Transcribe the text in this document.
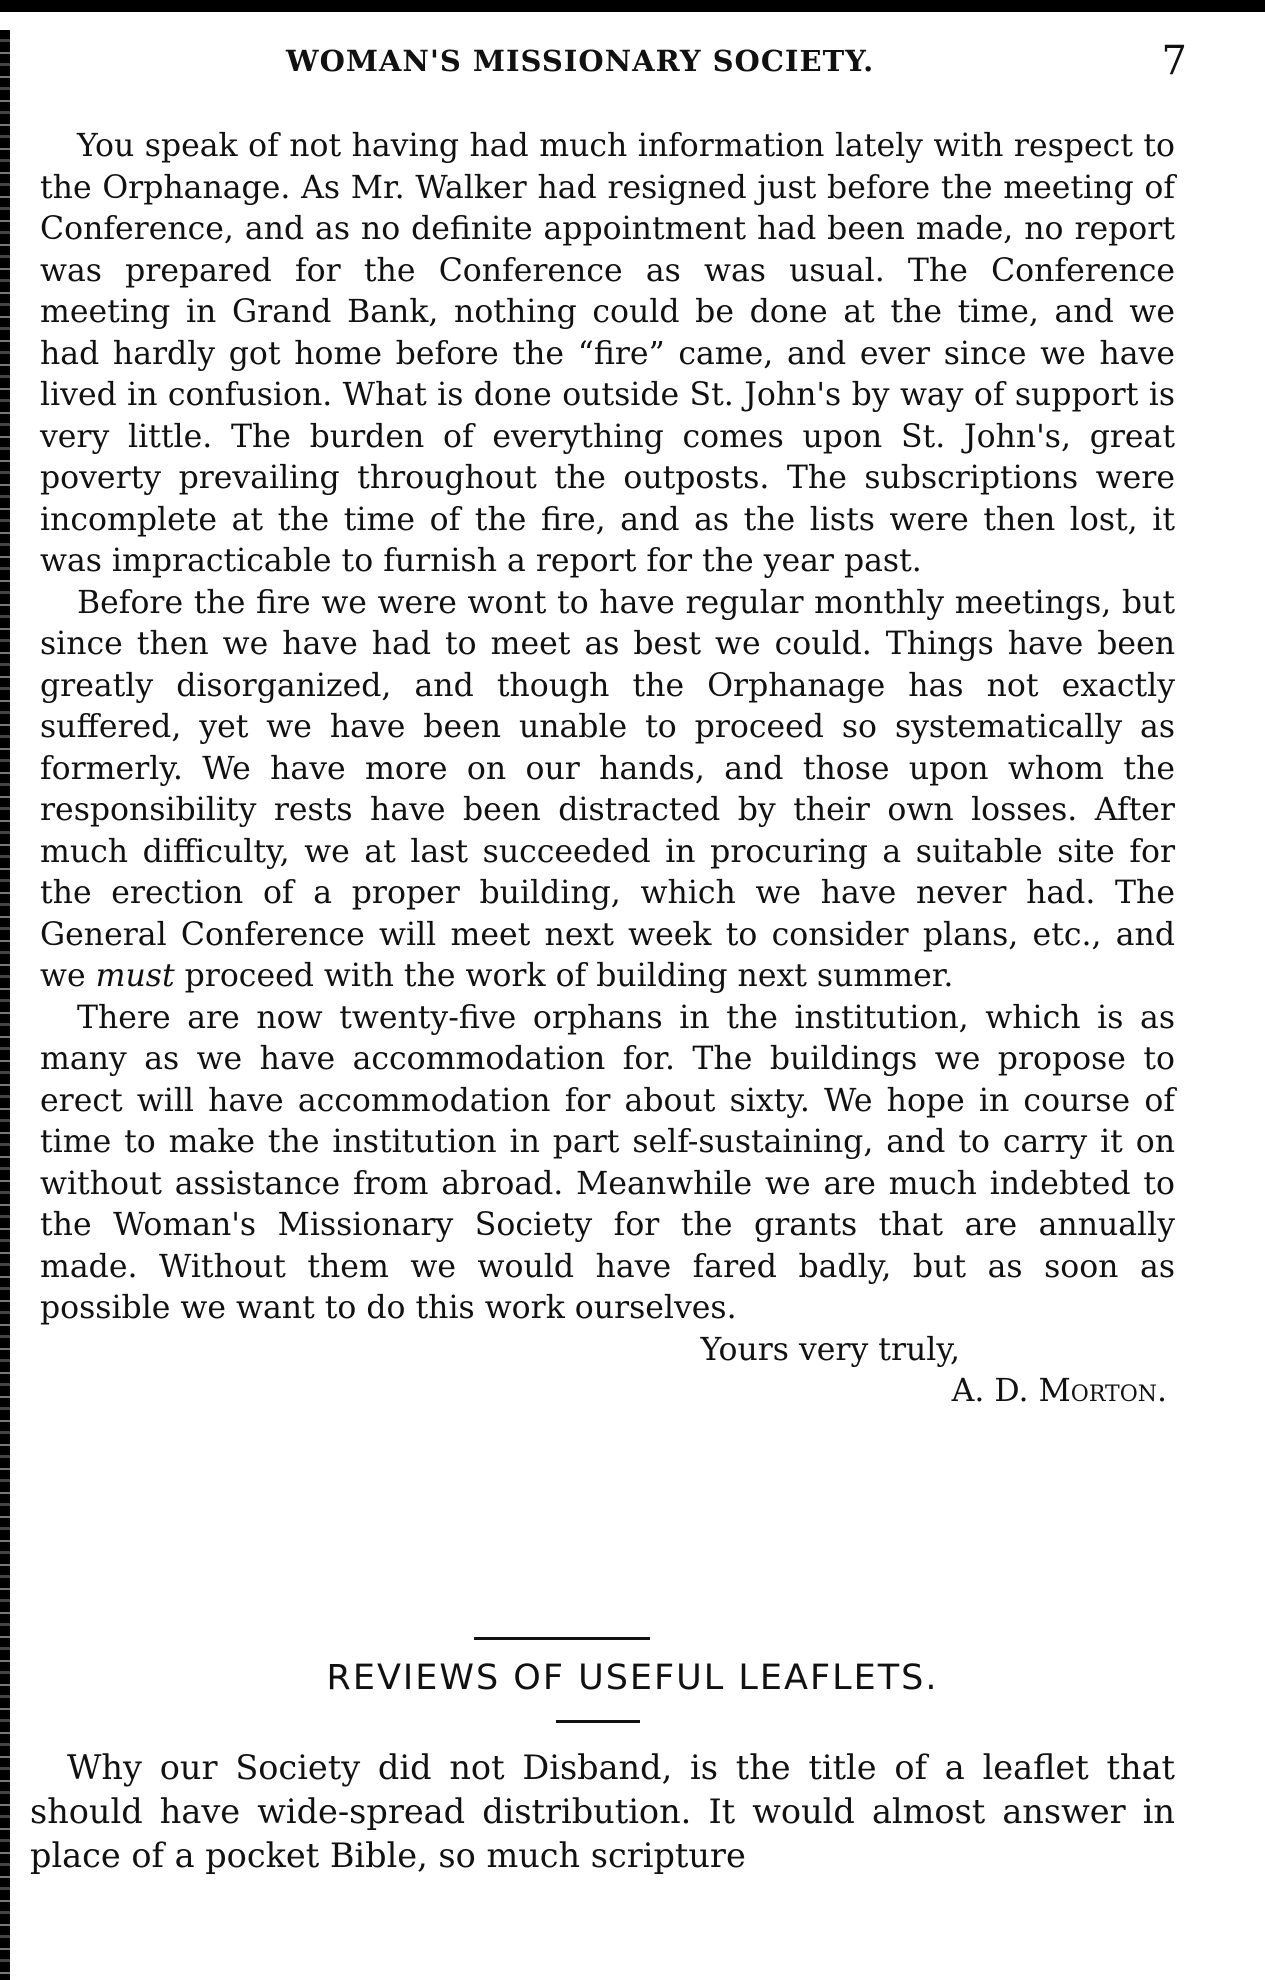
WOMAN'S MISSIONARY SOCIETY.	7

You speak of not having had much information lately with respect to the Orphanage. As Mr. Walker had resigned just before the meeting of Conference, and as no definite appointment had been made, no report was prepared for the Conference as was usual. The Conference meeting in Grand Bank, nothing could be done at the time, and we had hardly got home before the “fire” came, and ever since we have lived in confusion. What is done outside St. John's by way of support is very little. The burden of everything comes upon St. John's, great poverty prevailing throughout the outposts. The subscriptions were incomplete at the time of the fire, and as the lists were then lost, it was impracticable to furnish a report for the year past.

Before the fire we were wont to have regular monthly meetings, but since then we have had to meet as best we could. Things have been greatly disorganized, and though the Orphanage has not exactly suffered, yet we have been unable to proceed so systematically as formerly. We have more on our hands, and those upon whom the responsibility rests have been distracted by their own losses. After much difficulty, we at last succeeded in procuring a suitable site for the erection of a proper building, which we have never had. The General Conference will meet next week to consider plans, etc., and we must proceed with the work of building next summer.

There are now twenty-five orphans in the institution, which is as many as we have accommodation for. The buildings we propose to erect will have accommodation for about sixty. We hope in course of time to make the institution in part self-sustaining, and to carry it on without assistance from abroad. Meanwhile we are much indebted to the Woman's Missionary Society for the grants that are annually made. Without them we would have fared badly, but as soon as possible we want to do this work ourselves.

Yours very truly,

A. D. Morton.

REVIEWS OF USEFUL LEAFLETS.

Why our Society did not Disband, is the title of a leaflet that should have wide-spread distribution. It would almost answer in place of a pocket Bible, so much scripture
